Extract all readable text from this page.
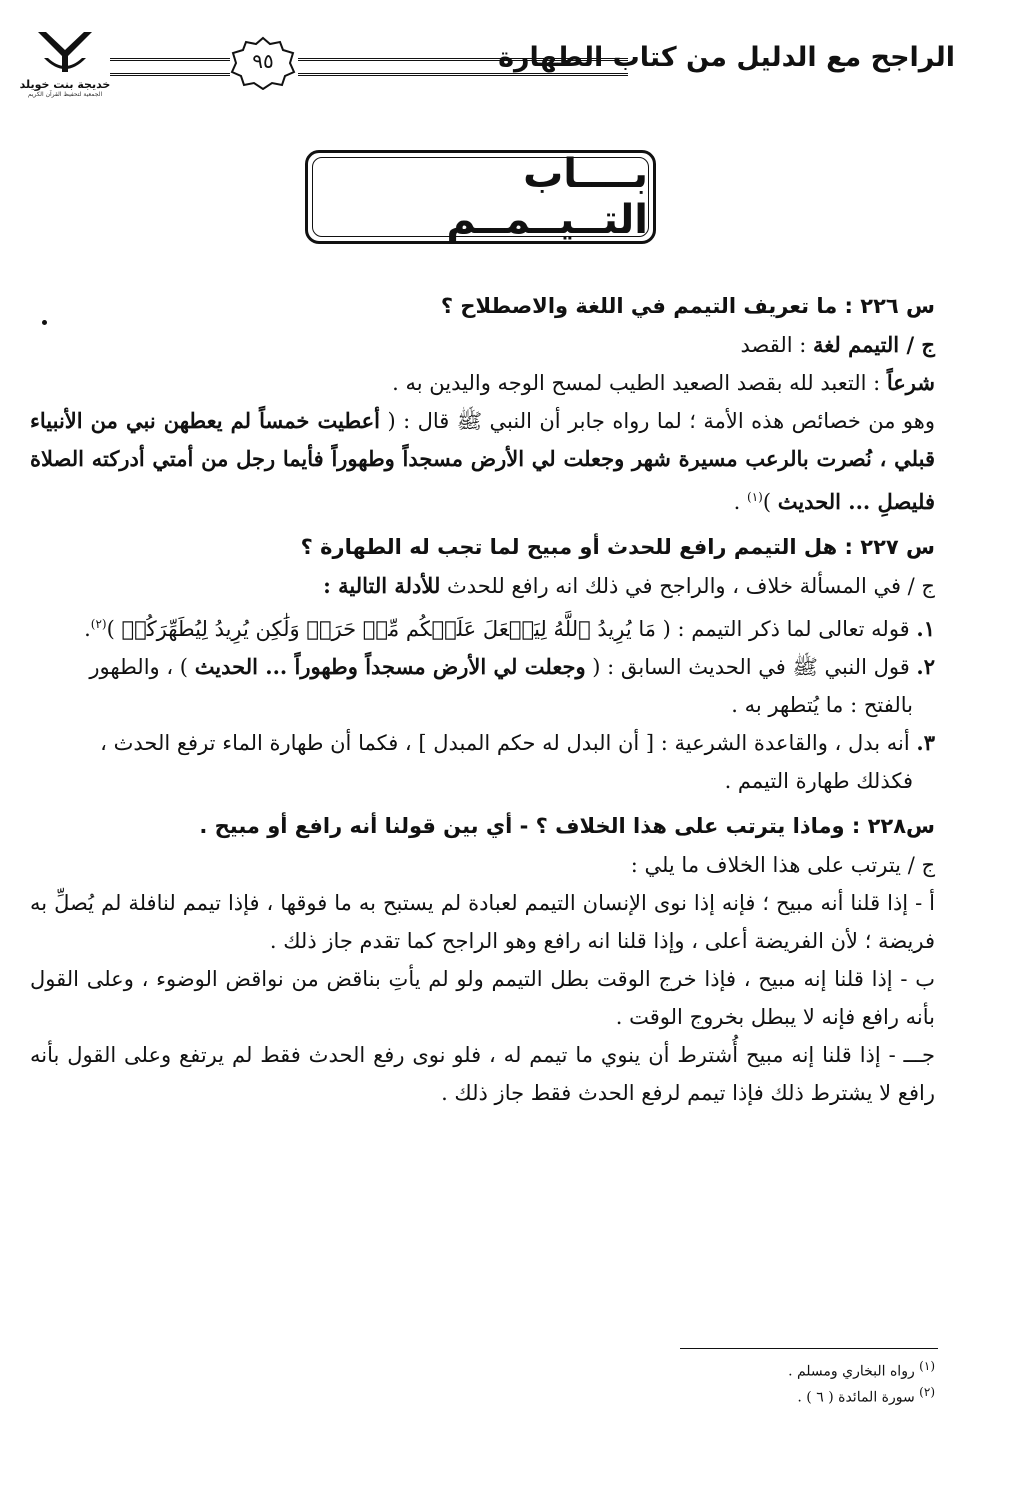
خديجة بنت خويلد
الجمعية لتحفيظ القرآن الكريم
٩٥	الراجح مع الدليل من كتاب الطهارة
بــــاب التــيــمــم

س ٢٢٦ : ما تعريف التيمم في اللغة والاصطلاح ؟

ج / التيمم لغة : القصد

شرعاً : التعبد لله بقصد الصعيد الطيب لمسح الوجه واليدين به .

وهو من خصائص هذه الأمة ؛ لما رواه جابر أن النبي ﷺ قال : ( أعطيت خمساً لم يعطهن نبي من الأنبياء قبلي ، نُصرت بالرعب مسيرة شهر وجعلت لي الأرض مسجداً وطهوراً فأيما رجل من أمتي أدركته الصلاة فليصلِ ... الحديث )$^{(١)}$ .

س ٢٢٧ : هل التيمم رافع للحدث أو مبيح لما تجب له الطهارة ؟

ج / في المسألة خلاف ، والراجح في ذلك انه رافع للحدث للأدلة التالية :

١. قوله تعالى لما ذكر التيمم : ( مَا يُرِيدُ ٱللَّهُ لِيَجۡعَلَ عَلَيۡكُم مِّنۡ حَرَجٖ وَلَٰكِن يُرِيدُ لِيُطَهِّرَكُمۡ )$^{(٢)}$.

٢. قول النبي ﷺ في الحديث السابق : ( وجعلت لي الأرض مسجداً وطهوراً ... الحديث ) ، والطهور

بالفتح : ما يُتطهر به .

٣. أنه بدل ، والقاعدة الشرعية : [ أن البدل له حكم المبدل ] ، فكما أن طهارة الماء ترفع الحدث ،

فكذلك طهارة التيمم .

س٢٢٨ : وماذا يترتب على هذا الخلاف ؟ - أي بين قولنا أنه رافع أو مبيح .

ج / يترتب على هذا الخلاف ما يلي :

أ - إذا قلنا أنه مبيح ؛ فإنه إذا نوى الإنسان التيمم لعبادة لم يستبح به ما فوقها ، فإذا تيمم لنافلة لم يُصلِّ به فريضة ؛ لأن الفريضة أعلى ، وإذا قلنا انه رافع وهو الراجح كما تقدم جاز ذلك .

ب - إذا قلنا إنه مبيح ، فإذا خرج الوقت بطل التيمم ولو لم يأتِ بناقض من نواقض الوضوء ، وعلى القول بأنه رافع فإنه لا يبطل بخروج الوقت .

جـــ - إذا قلنا إنه مبيح أُشترط أن ينوي ما تيمم له ، فلو نوى رفع الحدث فقط لم يرتفع وعلى القول بأنه رافع لا يشترط ذلك فإذا تيمم لرفع الحدث فقط جاز ذلك .

(١) رواه البخاري ومسلم .
(٢) سورة المائدة ( ٦ ) .
